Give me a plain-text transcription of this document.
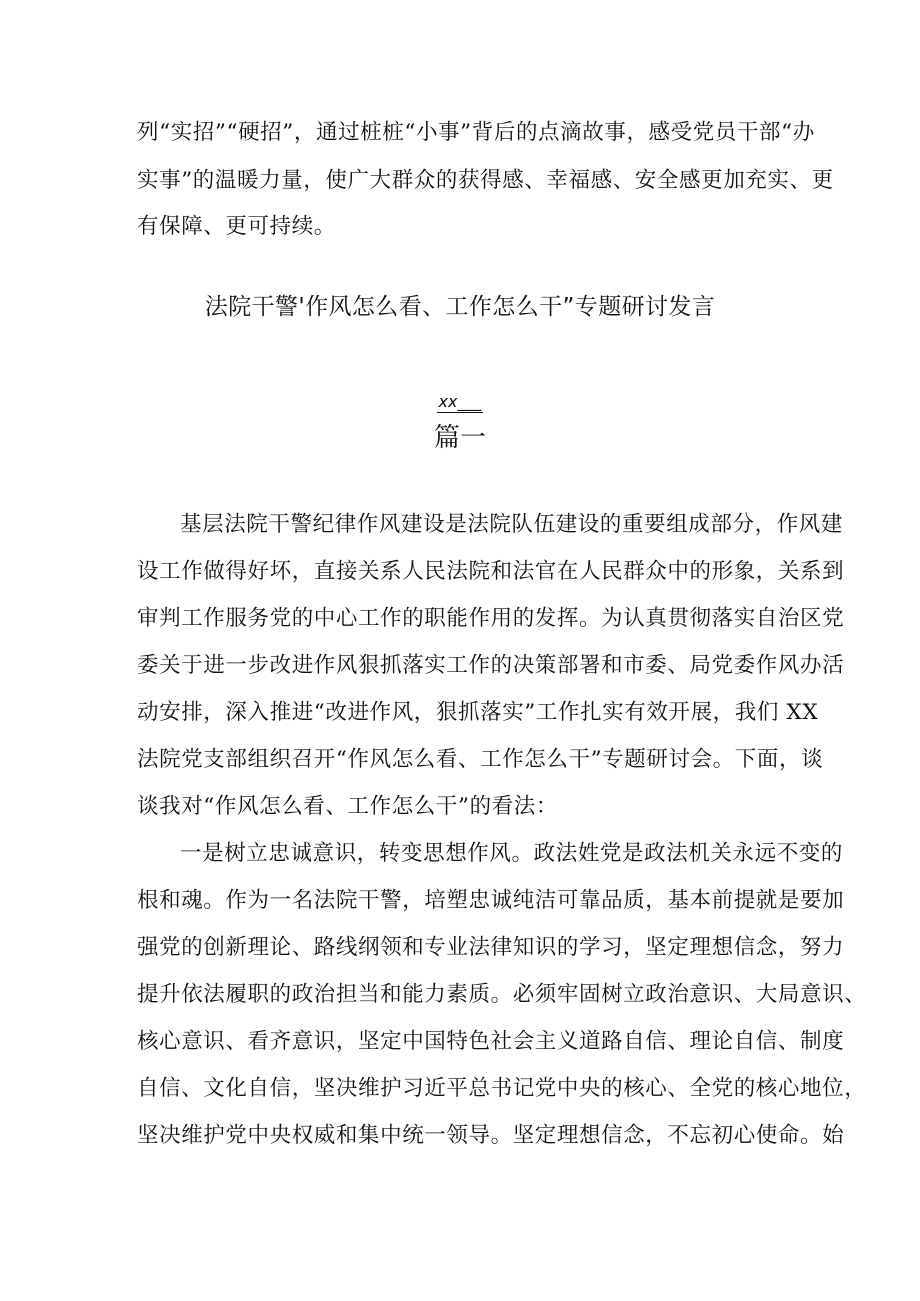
列“实招”“硬招”，通过桩桩“小事”背后的点滴故事，感受党员干部“办
实事”的温暖力量，使广大群众的获得感、幸福感、安全感更加充实、更
有保障、更可持续。
法院干警'作风怎么看、工作怎么干”专题研讨发言
xx___
篇一
基层法院干警纪律作风建设是法院队伍建设的重要组成部分，作风建
设工作做得好坏，直接关系人民法院和法官在人民群众中的形象，关系到
审判工作服务党的中心工作的职能作用的发挥。为认真贯彻落实自治区党
委关于进一步改进作风狠抓落实工作的决策部署和市委、局党委作风办活
动安排，深入推进“改进作风，狠抓落实”工作扎实有效开展，我们 XX
法院党支部组织召开“作风怎么看、工作怎么干”专题研讨会。下面，谈
谈我对“作风怎么看、工作怎么干”的看法：
一是树立忠诚意识，转变思想作风。政法姓党是政法机关永远不变的
根和魂。作为一名法院干警，培塑忠诚纯洁可靠品质，基本前提就是要加
强党的创新理论、路线纲领和专业法律知识的学习，坚定理想信念，努力
提升依法履职的政治担当和能力素质。必须牢固树立政治意识、大局意识、
核心意识、看齐意识，坚定中国特色社会主义道路自信、理论自信、制度
自信、文化自信，坚决维护习近平总书记党中央的核心、全党的核心地位，
坚决维护党中央权威和集中统一领导。坚定理想信念，不忘初心使命。始
